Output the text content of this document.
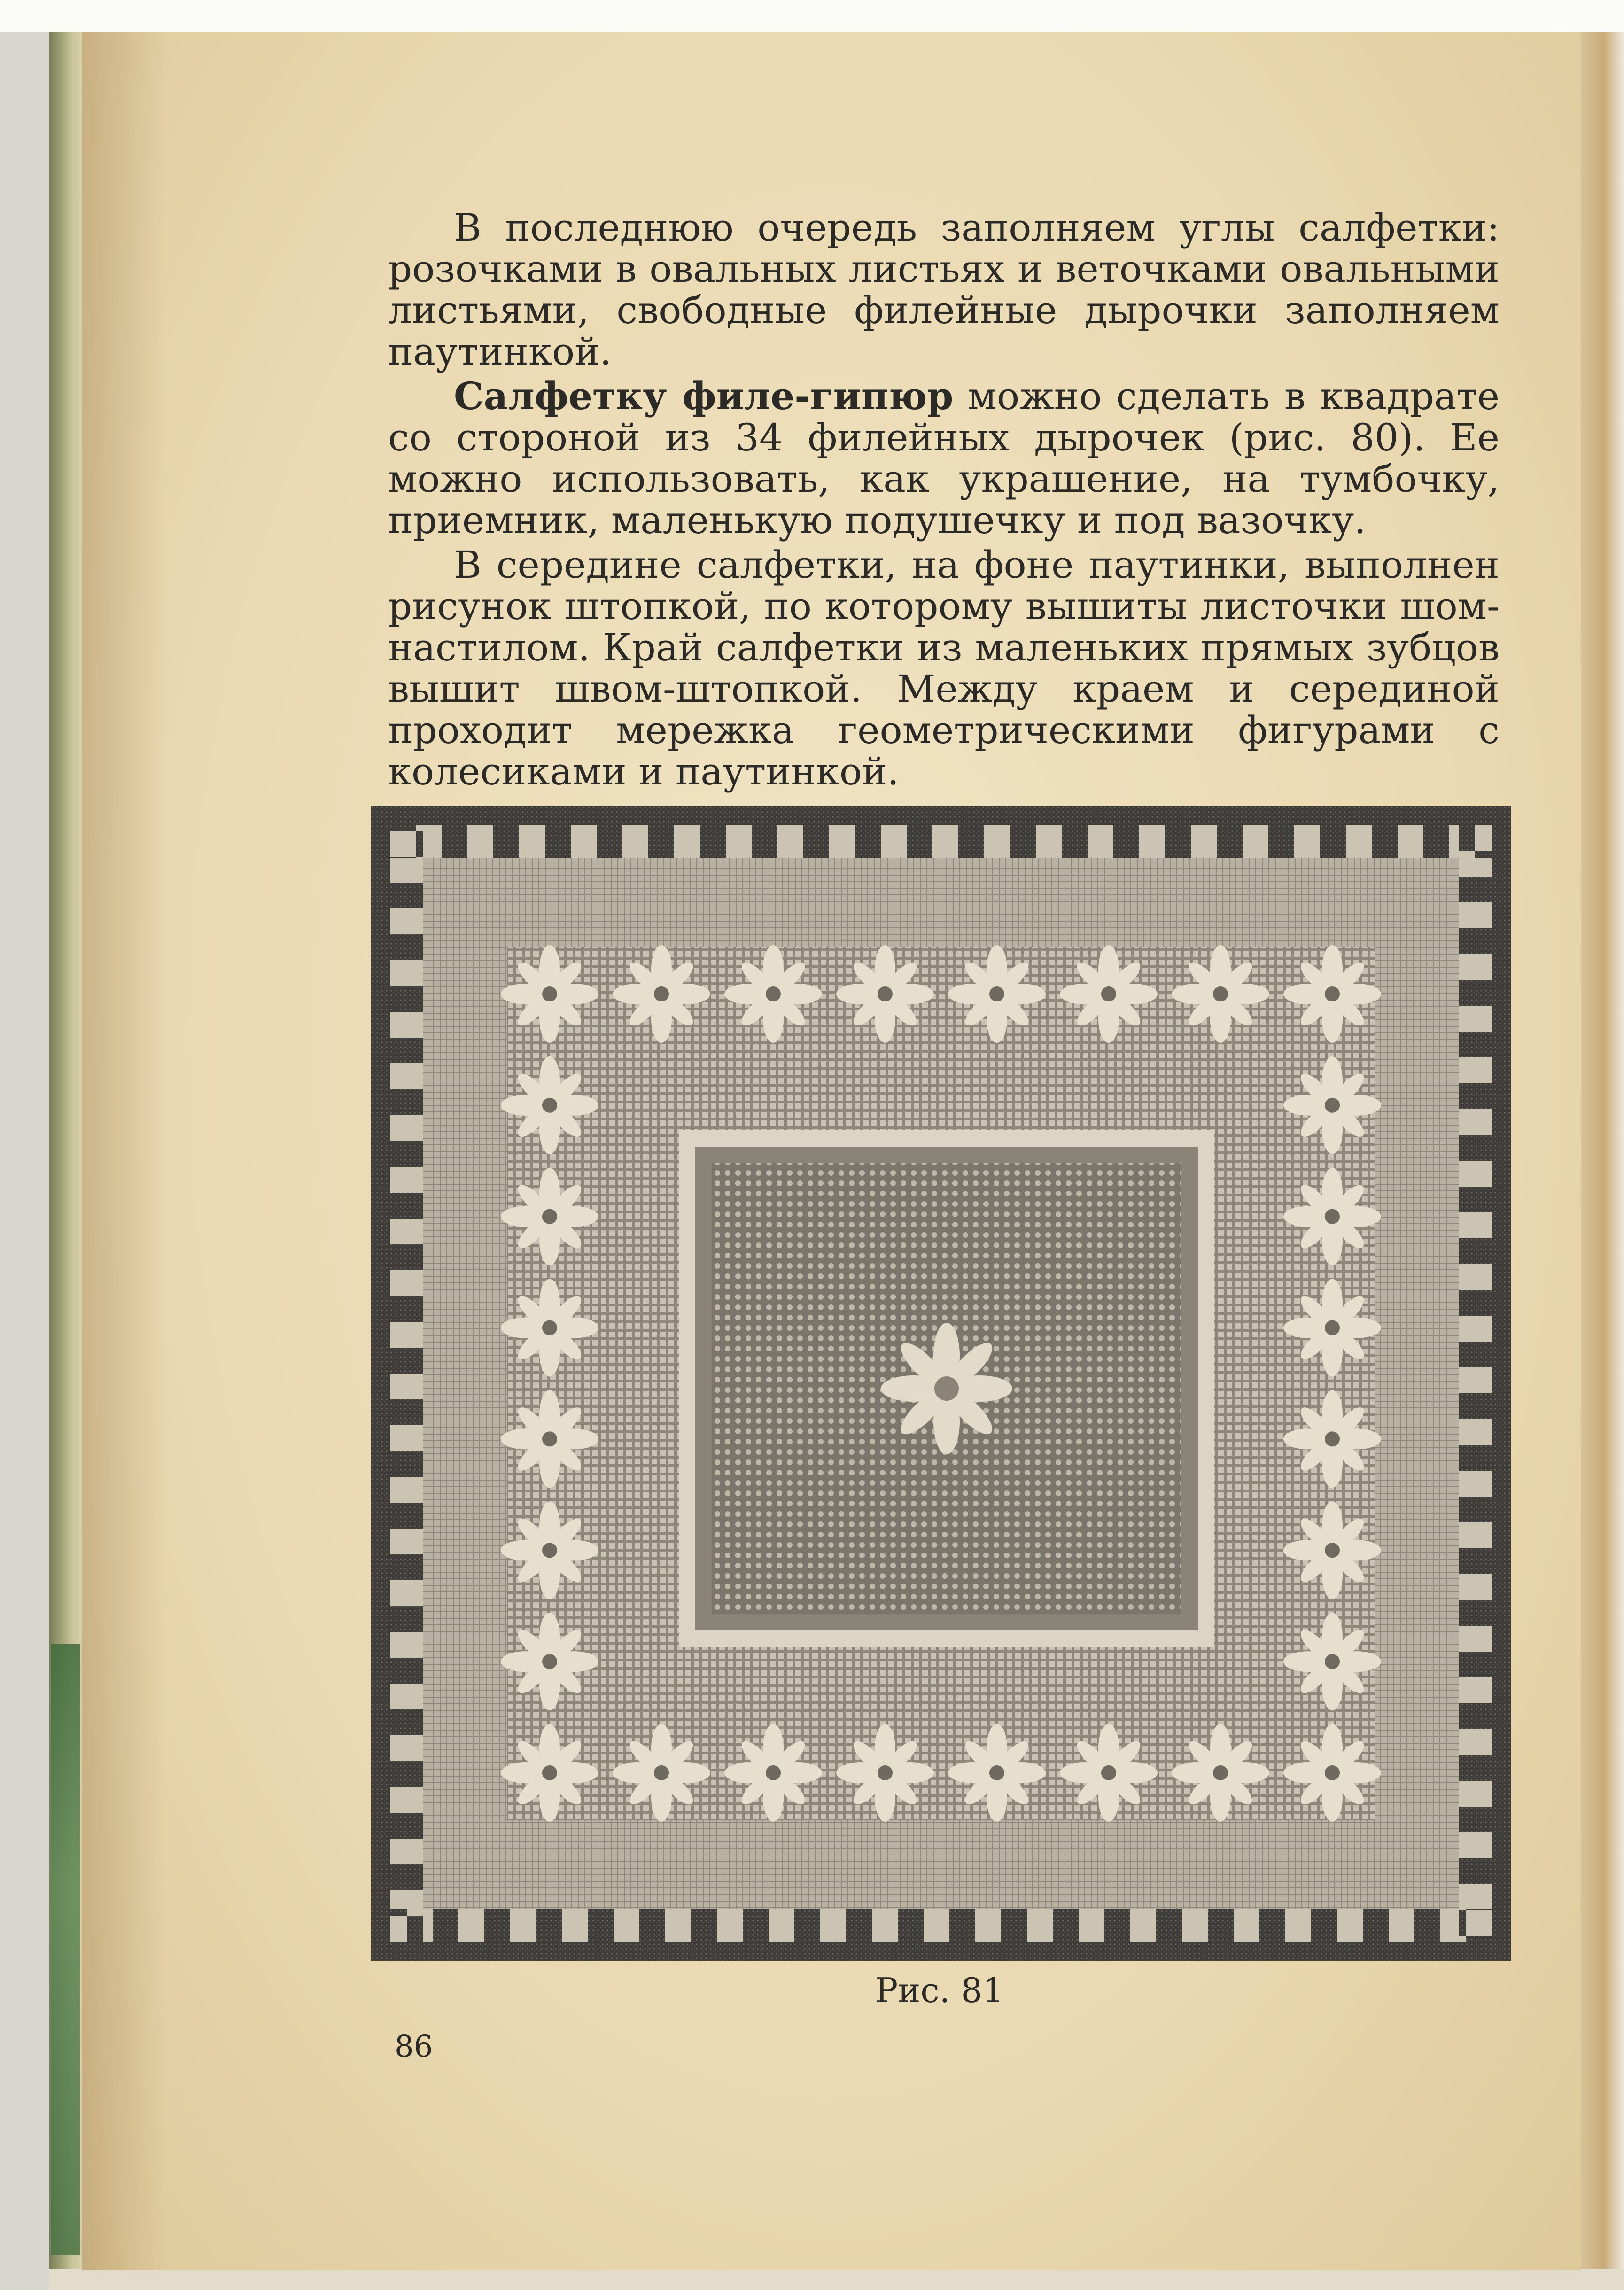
В последнюю очередь заполняем углы салфетки: розочками в овальных листьях и веточками овальными листьями, свободные филейные дырочки заполняем паутинкой.

Салфетку филе-гипюр можно сделать в квадрате со стороной из 34 филейных дырочек (рис. 80). Ее можно использовать, как украшение, на тумбочку, приемник, маленькую подушечку и под вазочку.

В середине салфетки, на фоне паутинки, выполнен рисунок штопкой, по которому вышиты листочки шомнастилом. Край салфетки из маленьких прямых зубцов вышит швом-штопкой. Между краем и серединой проходит мережка геометрическими фигурами с колесиками и паутинкой.

Рис. 81
86
